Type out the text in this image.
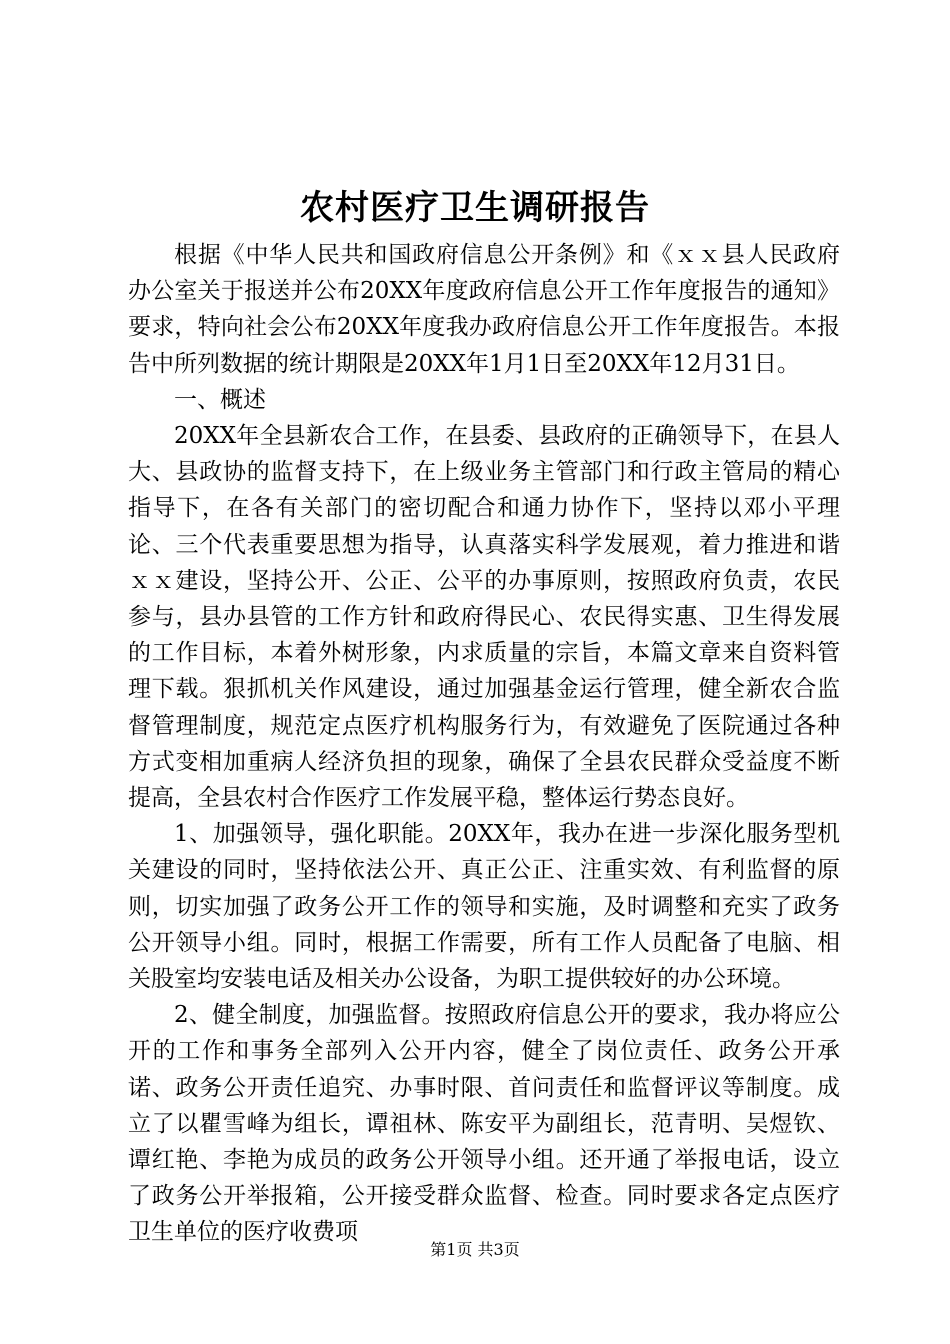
农村医疗卫生调研报告

根据《中华人民共和国政府信息公开条例》和《ｘｘ县人民政府办公室关于报送并公布20XX年度政府信息公开工作年度报告的通知》要求，特向社会公布20XX年度我办政府信息公开工作年度报告。本报告中所列数据的统计期限是20XX年1月1日至20XX年12月31日。

一、概述

20XX年全县新农合工作，在县委、县政府的正确领导下，在县人大、县政协的监督支持下，在上级业务主管部门和行政主管局的精心指导下，在各有关部门的密切配合和通力协作下，坚持以邓小平理论、三个代表重要思想为指导，认真落实科学发展观，着力推进和谐ｘｘ建设，坚持公开、公正、公平的办事原则，按照政府负责，农民参与，县办县管的工作方针和政府得民心、农民得实惠、卫生得发展的工作目标，本着外树形象，内求质量的宗旨，本篇文章来自资料管理下载。狠抓机关作风建设，通过加强基金运行管理，健全新农合监督管理制度，规范定点医疗机构服务行为，有效避免了医院通过各种方式变相加重病人经济负担的现象，确保了全县农民群众受益度不断提高，全县农村合作医疗工作发展平稳，整体运行势态良好。

1、加强领导，强化职能。20XX年，我办在进一步深化服务型机关建设的同时，坚持依法公开、真正公正、注重实效、有利监督的原则，切实加强了政务公开工作的领导和实施，及时调整和充实了政务公开领导小组。同时，根据工作需要，所有工作人员配备了电脑、相关股室均安装电话及相关办公设备，为职工提供较好的办公环境。

2、健全制度，加强监督。按照政府信息公开的要求，我办将应公开的工作和事务全部列入公开内容，健全了岗位责任、政务公开承诺、政务公开责任追究、办事时限、首问责任和监督评议等制度。成立了以瞿雪峰为组长，谭祖林、陈安平为副组长，范青明、吴煜钦、谭红艳、李艳为成员的政务公开领导小组。还开通了举报电话，设立了政务公开举报箱，公开接受群众监督、检查。同时要求各定点医疗卫生单位的医疗收费项

第1页 共3页
